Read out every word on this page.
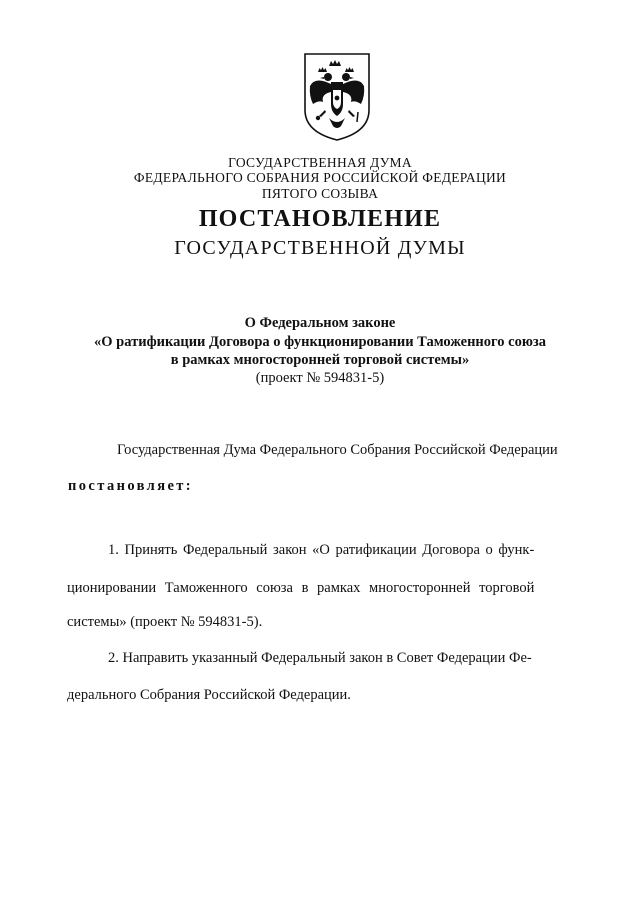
ГОСУДАРСТВЕННАЯ ДУМА
ФЕДЕРАЛЬНОГО СОБРАНИЯ РОССИЙСКОЙ ФЕДЕРАЦИИ
ПЯТОГО СОЗЫВА
ПОСТАНОВЛЕНИЕ
ГОСУДАРСТВЕННОЙ ДУМЫ
О Федеральном законе
«О ратификации Договора о функционировании Таможенного союза
в рамках многосторонней торговой системы»
(проект № 594831-5)
Государственная Дума Федерального Собрания Российской Федерации
постановляет:
1. Принять Федеральный закон «О ратификации Договора о функ-
ционировании Таможенного союза в рамках многосторонней торговой
системы» (проект № 594831-5).
2. Направить указанный Федеральный закон в Совет Федерации Фе-
дерального Собрания Российской Федерации.
